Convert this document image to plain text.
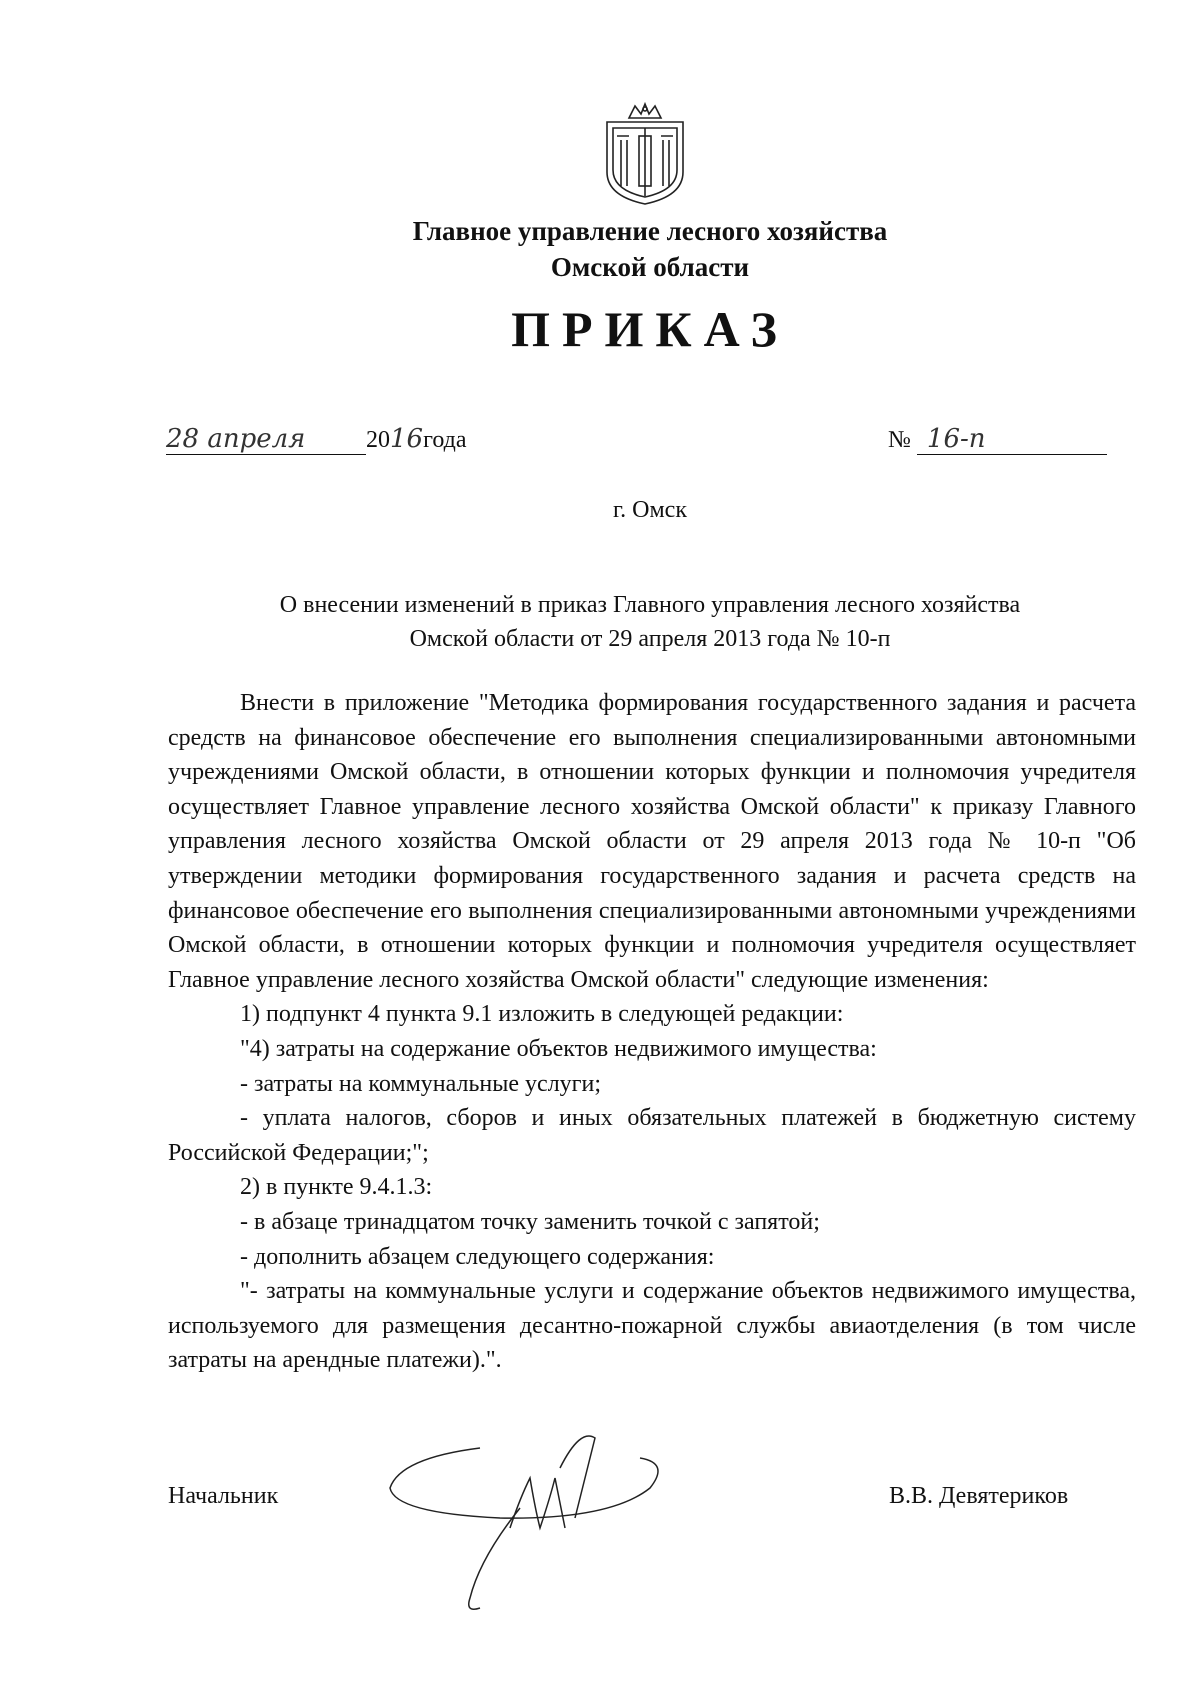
Главное управление лесного хозяйства
Омской области
ПРИКАЗ
28 апреля	2016года	№ 16-п
г. Омск
О внесении изменений в приказ Главного управления лесного хозяйства
Омской области от 29 апреля 2013 года № 10-п

Внести в приложение "Методика формирования государственного задания и расчета средств на финансовое обеспечение его выполнения специализированными автономными учреждениями Омской области, в отношении которых функции и полномочия учредителя осуществляет Главное управление лесного хозяйства Омской области" к приказу Главного управления лесного хозяйства Омской области от 29 апреля 2013 года № 10-п "Об утверждении методики формирования государственного задания и расчета средств на финансовое обеспечение его выполнения специализированными автономными учреждениями Омской области, в отношении которых функции и полномочия учредителя осуществляет Главное управление лесного хозяйства Омской области" следующие изменения:

1) подпункт 4 пункта 9.1 изложить в следующей редакции:

"4) затраты на содержание объектов недвижимого имущества:

- затраты на коммунальные услуги;

- уплата налогов, сборов и иных обязательных платежей в бюджетную систему Российской Федерации;";

2) в пункте 9.4.1.3:

- в абзаце тринадцатом точку заменить точкой с запятой;

- дополнить абзацем следующего содержания:

"- затраты на коммунальные услуги и содержание объектов недвижимого имущества, используемого для размещения десантно-пожарной службы авиаотделения (в том числе затраты на арендные платежи).".

Начальник	В.В. Девятериков
